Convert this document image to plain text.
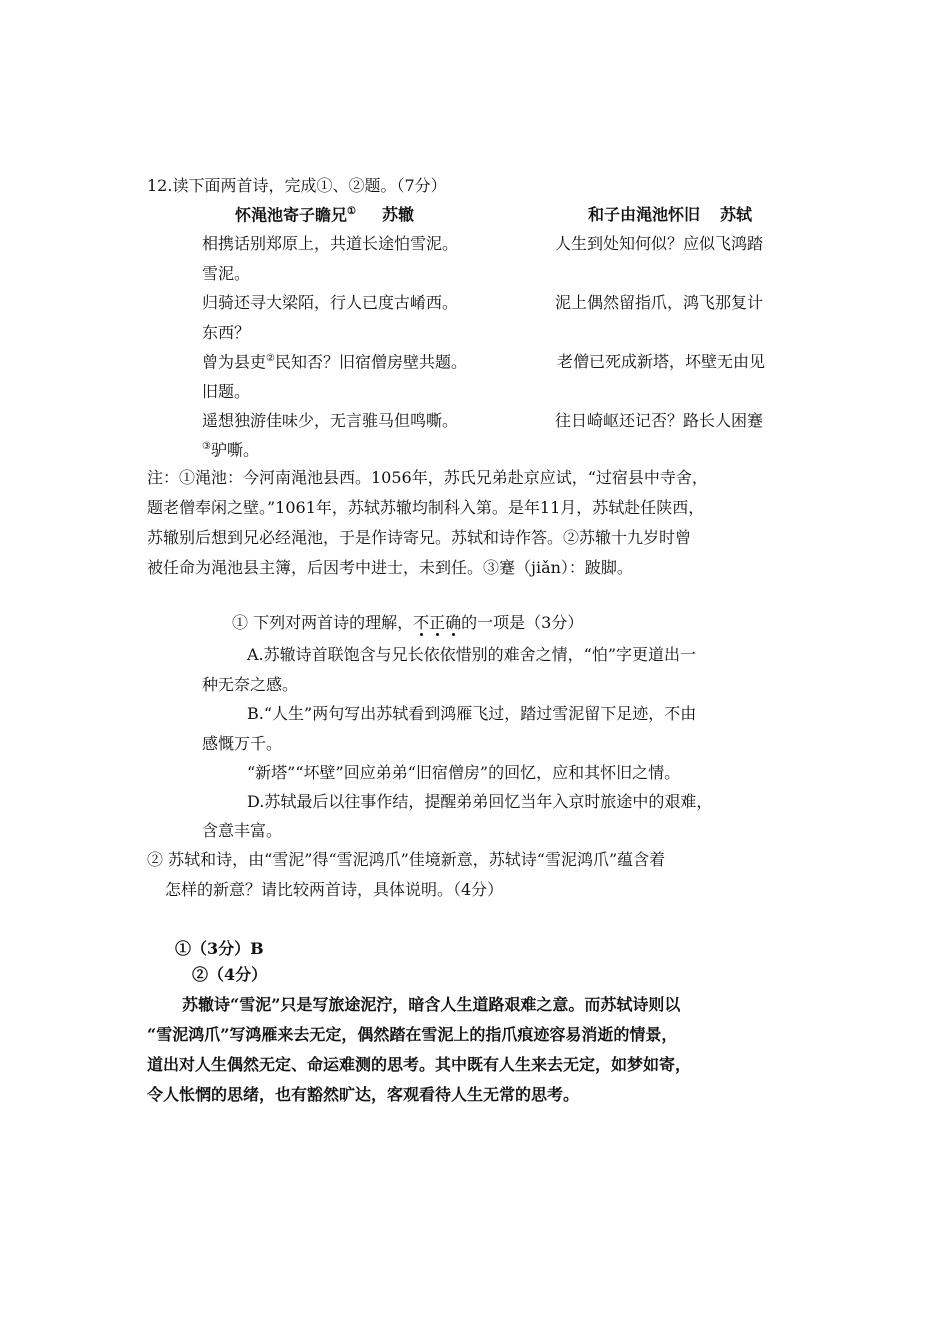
12.读下面两首诗，完成①、②题。（7分）
怀渑池寄子瞻兄① 苏辙	和子由渑池怀旧 苏轼
相携话别郑原上，共道长途怕雪泥。
雪泥。
归骑还寻大梁陌，行人已度古崤西。
东西？
曾为县吏②民知否？旧宿僧房壁共题。
旧题。
遥想独游佳味少，无言骓马但鸣嘶。
③驴嘶。
人生到处知何似？应似飞鸿踏
泥上偶然留指爪，鸿飞那复计
老僧已死成新塔，坏壁无由见
往日崎岖还记否？路长人困蹇
注：①渑池：今河南渑池县西。1056年，苏氏兄弟赴京应试，“过宿县中寺舍，
题老僧奉闲之壁。”1061年，苏轼苏辙均制科入第。是年11月，苏轼赴任陕西，
苏辙别后想到兄必经渑池，于是作诗寄兄。苏轼和诗作答。②苏辙十九岁时曾
被任命为渑池县主簿，后因考中进士，未到任。③蹇（jiǎn）：跛脚。
① 下列对两首诗的理解，不正确的一项是（3分）
A.苏辙诗首联饱含与兄长依依惜别的难舍之情，“怕”字更道出一
种无奈之感。
B.“人生”两句写出苏轼看到鸿雁飞过，踏过雪泥留下足迹，不由
感慨万千。
“新塔”“坏壁”回应弟弟“旧宿僧房”的回忆，应和其怀旧之情。
D.苏轼最后以往事作结，提醒弟弟回忆当年入京时旅途中的艰难，
含意丰富。
② 苏轼和诗，由“雪泥”得“雪泥鸿爪”佳境新意，苏轼诗“雪泥鸿爪”蕴含着
怎样的新意？请比较两首诗，具体说明。（4分）
①（3分）B
②（4分）
苏辙诗“雪泥”只是写旅途泥泞，暗含人生道路艰难之意。而苏轼诗则以
“雪泥鸿爪”写鸿雁来去无定，偶然踏在雪泥上的指爪痕迹容易消逝的情景，
道出对人生偶然无定、命运难测的思考。其中既有人生来去无定，如梦如寄，
令人怅惘的思绪，也有豁然旷达，客观看待人生无常的思考。
